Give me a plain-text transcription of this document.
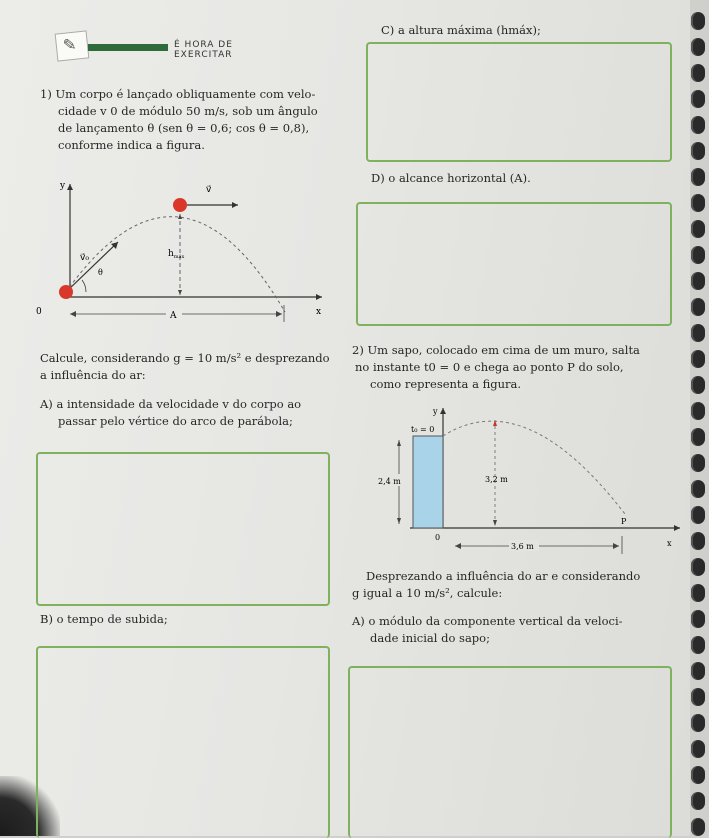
✎	É HORA DE EXERCITAR
1) Um corpo é lançado obliquamente com velo-
cidade v 0 de módulo 50 m/s, sob um ângulo
de lançamento θ (sen θ = 0,6; cos θ = 0,8),
conforme indica a figura.
y
x
0
v⃗₀
θ
v⃗
$h_{máx}$
A
Calcule, considerando g = 10 m/s² e desprezando
a influência do ar:
A) a intensidade da velocidade v do corpo ao
passar pelo vértice do arco de parábola;
B) o tempo de subida;
C) a altura máxima (hmáx);
D) o alcance horizontal (A).
2) Um sapo, colocado em cima de um muro, salta
no instante t0 = 0 e chega ao ponto P do solo,
como representa a figura.
y
x
0
t₀ = 0
2,4 m	3,2 m
P
3,6 m
Desprezando a influência do ar e considerando
g igual a 10 m/s², calcule:
A) o módulo da componente vertical da veloci-
dade inicial do sapo;
